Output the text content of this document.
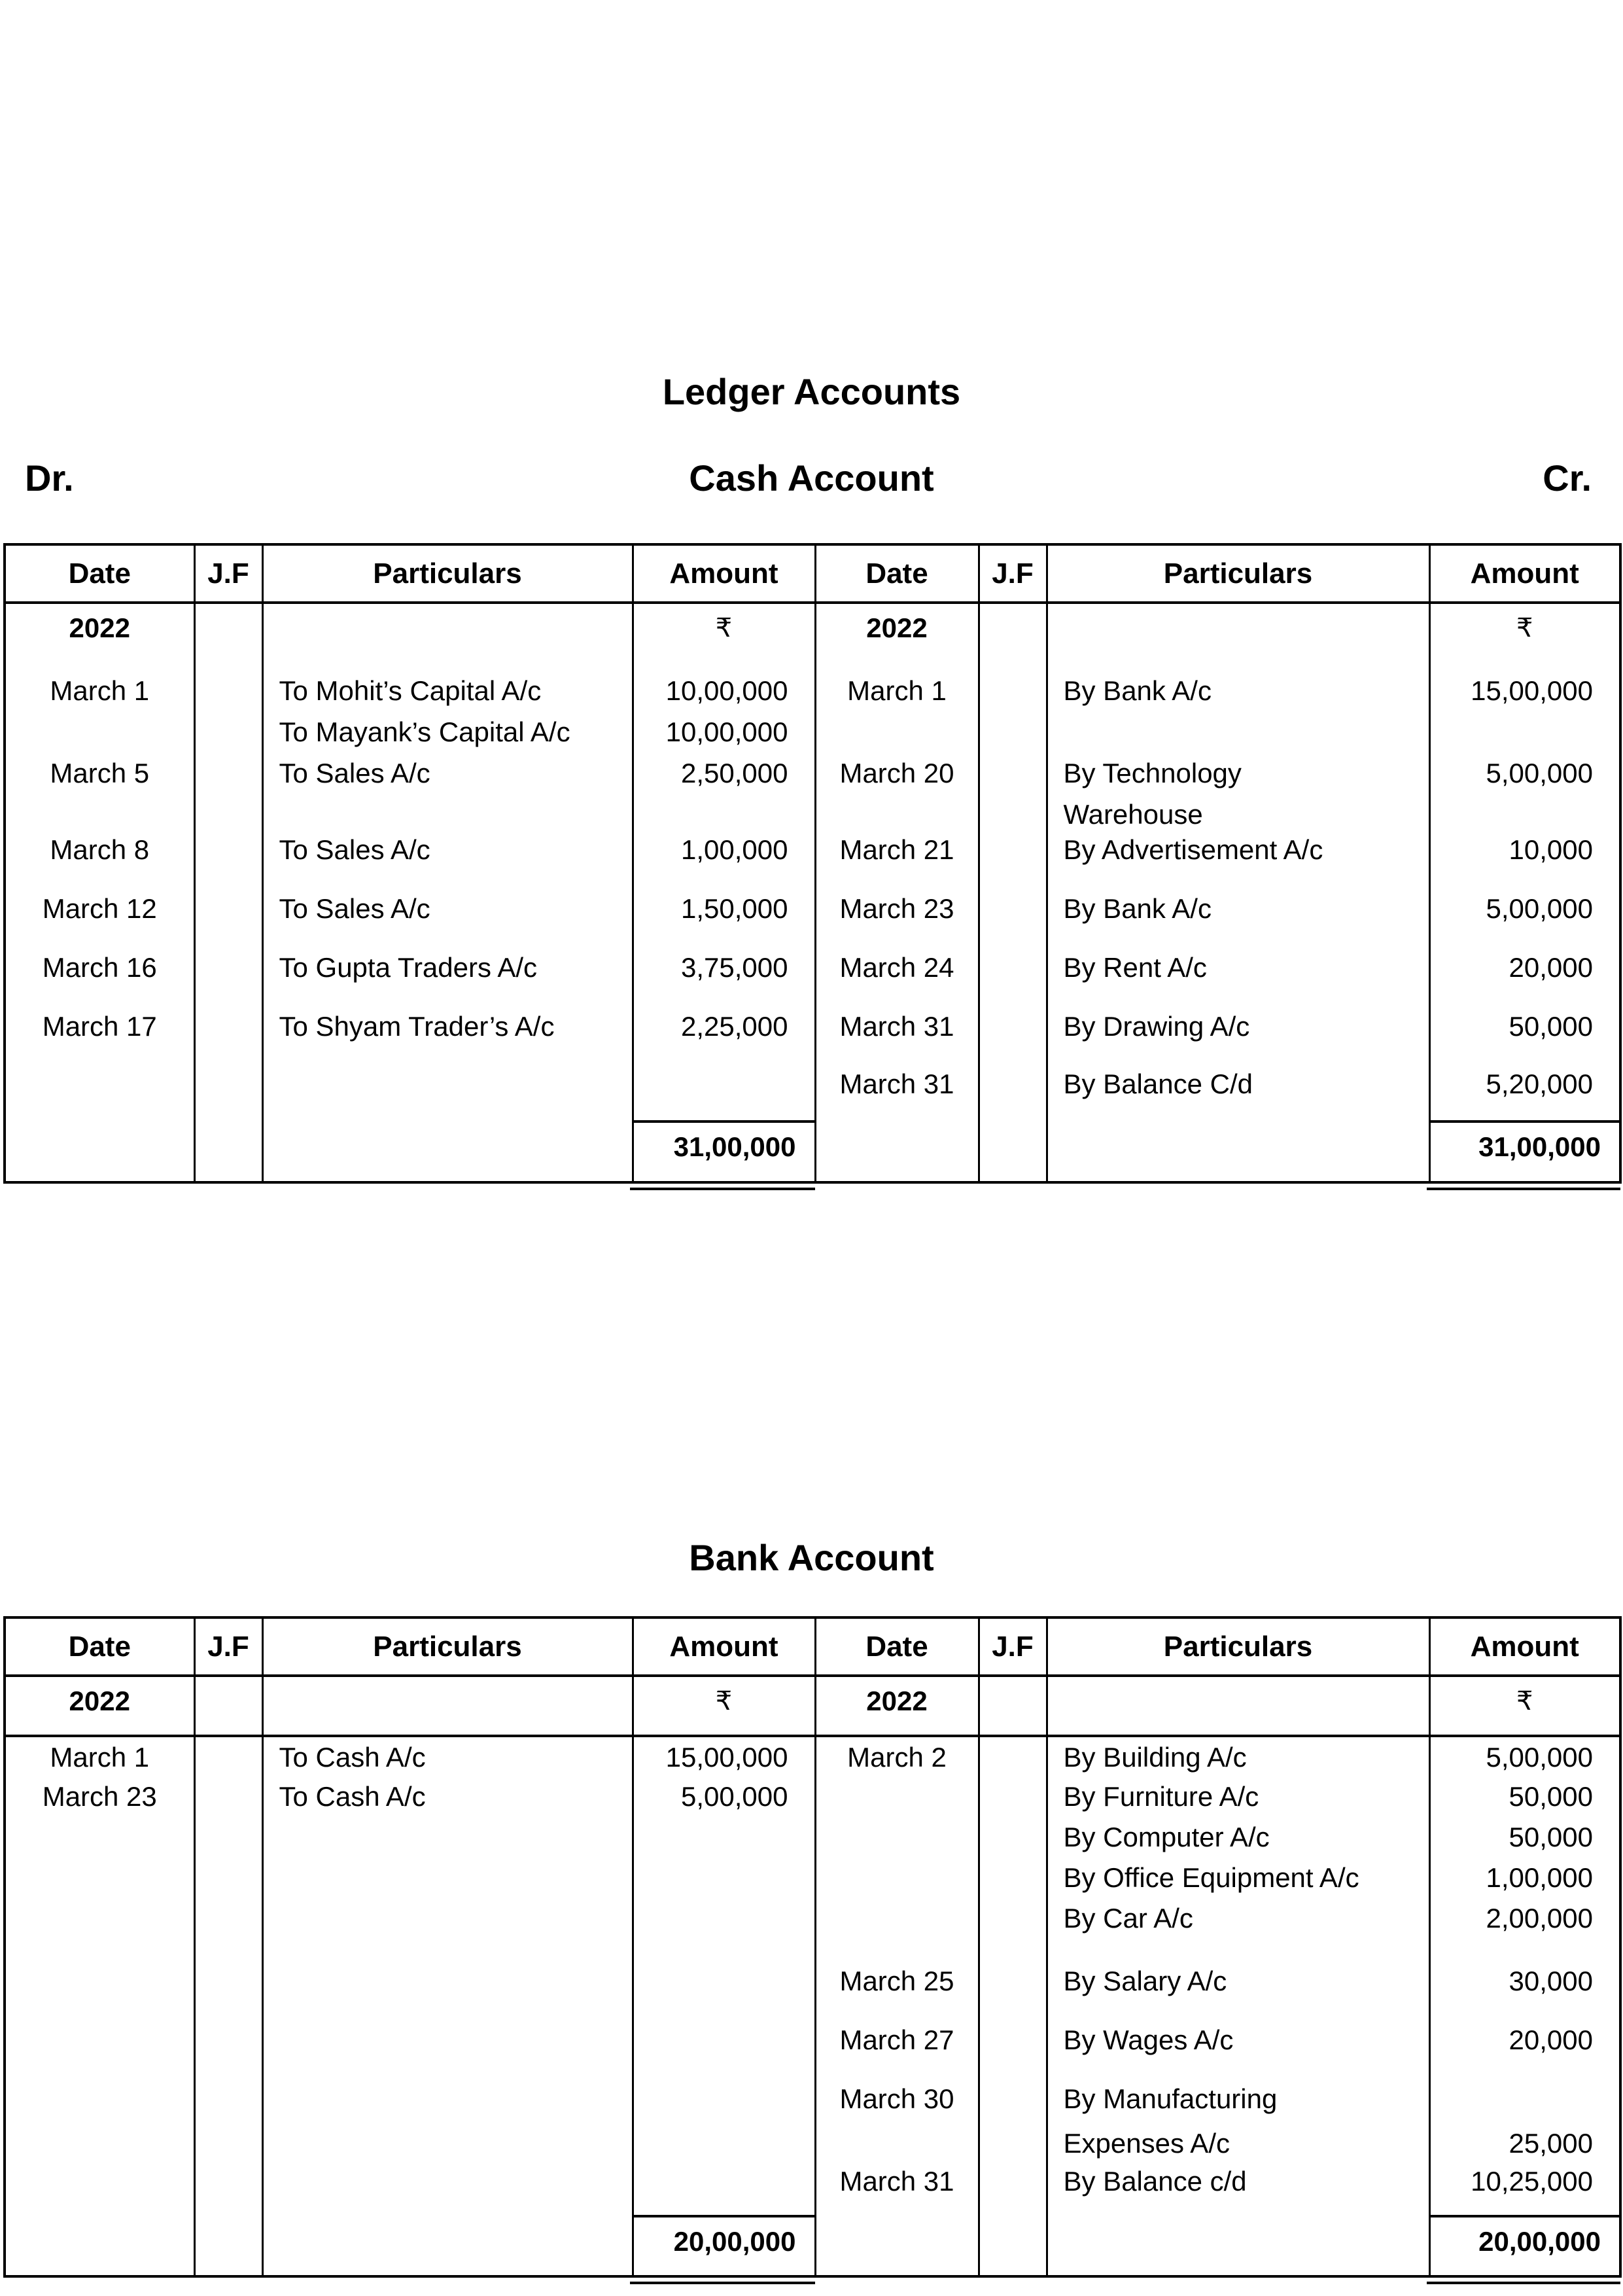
Ledger Accounts
Dr.	Cash Account	Cr.
Date	J.F	Particulars	Amount	Date	J.F	Particulars	Amount
2022			₹	2022			₹
March 1		To Mohit’s Capital A/c	10,00,000	March 1		By Bank A/c	15,00,000
		To Mayank’s Capital A/c	10,00,000				
March 5		To Sales A/c	2,50,000	March 20		By Technology	5,00,000
						Warehouse	
March 8		To Sales A/c	1,00,000	March 21		By Advertisement A/c	10,000
March 12		To Sales A/c	1,50,000	March 23		By Bank A/c	5,00,000
March 16		To Gupta Traders A/c	3,75,000	March 24		By Rent A/c	20,000
March 17		To Shyam Trader’s A/c	2,25,000	March 31		By Drawing A/c	50,000
				March 31		By Balance C/d	5,20,000
			31,00,000				31,00,000
Bank Account
Date	J.F	Particulars	Amount	Date	J.F	Particulars	Amount
2022			₹	2022			₹
March 1		To Cash A/c	15,00,000	March 2		By Building A/c	5,00,000
March 23		To Cash A/c	5,00,000			By Furniture A/c	50,000
						By Computer A/c	50,000
						By Office Equipment A/c	1,00,000
						By Car A/c	2,00,000
				March 25		By Salary A/c	30,000
				March 27		By Wages A/c	20,000
				March 30		By Manufacturing	
						Expenses A/c	25,000
				March 31		By Balance c/d	10,25,000
			20,00,000				20,00,000
